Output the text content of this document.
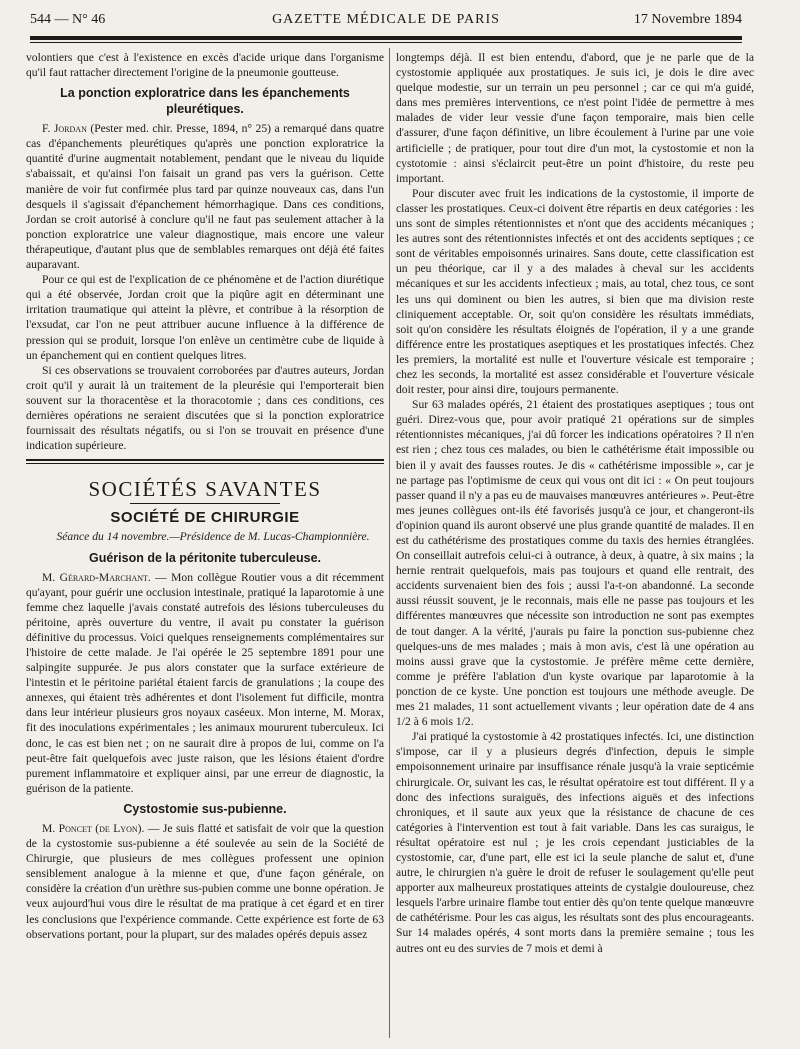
544 — N° 46	GAZETTE MÉDICALE DE PARIS	17 Novembre 1894

volontiers que c'est à l'existence en excès d'acide urique dans l'organisme qu'il faut rattacher directement l'origine de la pneumonie goutteuse.

La ponction exploratrice dans les épanchements pleurétiques.

F. Jordan (Pester med. chir. Presse, 1894, n° 25) a remarqué dans quatre cas d'épanchements pleurétiques qu'après une ponction exploratrice la quantité d'urine augmentait notablement, pendant que le niveau du liquide s'abaissait, et qu'ainsi l'on faisait un grand pas vers la guérison. Cette manière de voir fut confirmée plus tard par quinze nouveaux cas, dans l'un desquels il s'agissait d'épanchement hémorrhagique. Dans ces conditions, Jordan se croit autorisé à conclure qu'il ne faut pas seulement attacher à la ponction exploratrice une valeur diagnostique, mais encore une valeur thérapeutique, d'autant plus que de semblables remarques ont déjà été faites auparavant.

Pour ce qui est de l'explication de ce phénomène et de l'action diurétique qui a été observée, Jordan croit que la piqûre agit en déterminant une irritation traumatique qui atteint la plèvre, et contribue à la résorption de l'exsudat, car l'on ne peut attribuer aucune influence à la différence de pression qui se produit, lorsque l'on enlève un centimètre cube de liquide à un épanchement qui en contient quelques litres.

Si ces observations se trouvaient corroborées par d'autres auteurs, Jordan croit qu'il y aurait là un traitement de la pleurésie qui l'emporterait bien souvent sur la thoracentèse et la thoracotomie ; dans ces conditions, ces dernières opérations ne seraient discutées que si la ponction exploratrice fournissait des résultats négatifs, ou si l'on se trouvait en présence d'une indication supérieure.

SOCIÉTÉS SAVANTES
SOCIÉTÉ DE CHIRURGIE

Séance du 14 novembre.—Présidence de M. Lucas-Championnière.

Guérison de la péritonite tuberculeuse.

M. Gérard-Marchant. — Mon collègue Routier vous a dit récemment qu'ayant, pour guérir une occlusion intestinale, pratiqué la laparotomie à une femme chez laquelle j'avais constaté autrefois des lésions tuberculeuses du péritoine, après ouverture du ventre, il avait pu constater la guérison définitive du processus. Voici quelques renseignements complémentaires sur l'histoire de cette malade. Je l'ai opérée le 25 septembre 1891 pour une salpingite suppurée. Je pus alors constater que la surface extérieure de l'intestin et le péritoine pariétal étaient farcis de granulations ; la coupe des annexes, qui étaient très adhérentes et dont l'isolement fut difficile, montra dans leur intérieur plusieurs gros noyaux caséeux. Mon interne, M. Morax, fit des inoculations expérimentales ; les animaux moururent tuberculeux. Ici donc, le cas est bien net ; on ne saurait dire à propos de lui, comme on l'a peut-être fait quelquefois avec juste raison, que les lésions étaient d'ordre purement inflammatoire et expliquer ainsi, par une erreur de diagnostic, la guérison de la patiente.

Cystostomie sus-pubienne.

M. Poncet (de Lyon). — Je suis flatté et satisfait de voir que la question de la cystostomie sus-pubienne a été soulevée au sein de la Société de Chirurgie, que plusieurs de mes collègues professent une opinion sensiblement analogue à la mienne et que, d'une façon générale, on considère la création d'un urèthre sus-pubien comme une bonne opération. Je veux aujourd'hui vous dire le résultat de ma pratique à cet égard et en tirer les conclusions que l'expérience commande. Cette expérience est forte de 63 observations portant, pour la plupart, sur des malades opérés depuis assez

longtemps déjà. Il est bien entendu, d'abord, que je ne parle que de la cystostomie appliquée aux prostatiques. Je suis ici, je dois le dire avec quelque modestie, sur un terrain un peu personnel ; car ce qui m'a guidé, dans mes premières interventions, ce n'est point l'idée de permettre à mes malades de vider leur vessie d'une façon temporaire, mais bien celle d'assurer, d'une façon définitive, un libre écoulement à l'urine par une voie artificielle ; de pratiquer, pour tout dire d'un mot, la cystostomie et non la cystotomie : ainsi s'éclaircit peut-être un point d'histoire, du reste peu important.

Pour discuter avec fruit les indications de la cystostomie, il importe de classer les prostatiques. Ceux-ci doivent être répartis en deux catégories : les uns sont de simples rétentionnistes et n'ont que des accidents mécaniques ; les autres sont des rétentionnistes infectés et ont des accidents septiques ; ce sont de véritables empoisonnés urinaires. Sans doute, cette classification est un peu théorique, car il y a des malades à cheval sur les accidents mécaniques et sur les accidents infectieux ; mais, au total, chez tous, ce sont les uns qui dominent ou bien les autres, si bien que ma division reste cliniquement acceptable. Or, soit qu'on considère les résultats immédiats, soit qu'on considère les résultats éloignés de l'opération, il y a une grande différence entre les prostatiques aseptiques et les prostatiques infectés. Chez les premiers, la mortalité est nulle et l'ouverture vésicale est temporaire ; chez les seconds, la mortalité est assez considérable et l'ouverture vésicale doit rester, pour ainsi dire, toujours permanente.

Sur 63 malades opérés, 21 étaient des prostatiques aseptiques ; tous ont guéri. Direz-vous que, pour avoir pratiqué 21 opérations sur de simples rétentionnistes mécaniques, j'ai dû forcer les indications opératoires ? Il n'en est rien ; chez tous ces malades, ou bien le cathétérisme était impossible ou bien il y avait des fausses routes. Je dis « cathétérisme impossible », car je ne partage pas l'optimisme de ceux qui vous ont dit ici : « On peut toujours passer quand il n'y a pas eu de mauvaises manœuvres antérieures ». Peut-être mes jeunes collègues ont-ils été favorisés jusqu'à ce jour, et changeront-ils d'opinion quand ils auront observé une plus grande quantité de malades. Il en est du cathétérisme des prostatiques comme du taxis des hernies étranglées. On conseillait autrefois celui-ci à outrance, à deux, à quatre, à six mains ; la hernie rentrait quelquefois, mais pas toujours et quand elle rentrait, des accidents survenaient bien des fois ; aussi l'a-t-on abandonné. La seconde aussi réussit souvent, je le reconnais, mais elle ne passe pas toujours et les différentes manœuvres que nécessite son introduction ne sont pas exemptes de tout danger. A la vérité, j'aurais pu faire la ponction sus-pubienne chez quelques-uns de mes malades ; mais à mon avis, c'est là une opération au moins aussi grave que la cystostomie. Je préfère même cette dernière, comme je préfère l'ablation d'un kyste ovarique par laparotomie à la ponction de ce kyste. Une ponction est toujours une méthode aveugle. De mes 21 malades, 11 sont actuellement vivants ; leur opération date de 4 ans 1/2 à 6 mois 1/2.

J'ai pratiqué la cystostomie à 42 prostatiques infectés. Ici, une distinction s'impose, car il y a plusieurs degrés d'infection, depuis le simple empoisonnement urinaire par insuffisance rénale jusqu'à la vraie septicémie chirurgicale. Or, suivant les cas, le résultat opératoire est tout différent. Il y a donc des infections suraiguës, des infections aiguës et des infections chroniques, et il saute aux yeux que la résistance de chacune de ces catégories à l'intervention est tout à fait variable. Dans les cas suraigus, le résultat opératoire est nul ; je les crois cependant justiciables de la cystostomie, car, d'une part, elle est ici la seule planche de salut et, d'une autre, le chirurgien n'a guère le droit de refuser le soulagement qu'elle peut apporter aux malheureux prostatiques atteints de cystalgie douloureuse, chez lesquels l'arbre urinaire flambe tout entier dès qu'on tente quelque manœuvre de cathétérisme. Pour les cas aigus, les résultats sont des plus encourageants. Sur 14 malades opérés, 4 sont morts dans la première semaine ; tous les autres ont eu des survies de 7 mois et demi à
